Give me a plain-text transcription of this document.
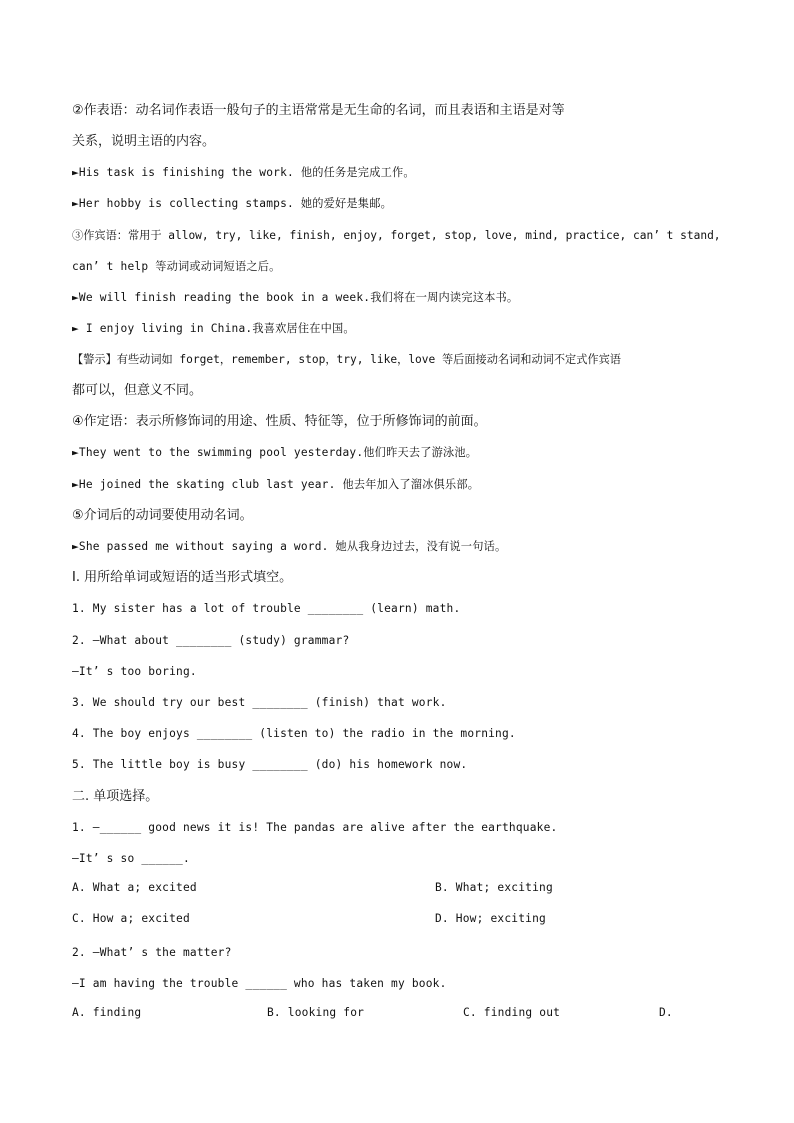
②作表语：动名词作表语一般句子的主语常常是无生命的名词，而且表语和主语是对等
关系，说明主语的内容。
►His task is finishing the work. 他的任务是完成工作。
►Her hobby is collecting stamps. 她的爱好是集邮。
③作宾语：常用于 allow, try, like, finish, enjoy, forget, stop, love, mind, practice, can’ t stand,
can’ t help 等动词或动词短语之后。
►We will finish reading the book in a week.我们将在一周内读完这本书。
► I enjoy living in China.我喜欢居住在中国。
【警示】有些动词如 forget，remember, stop，try, like，love 等后面接动名词和动词不定式作宾语
都可以，但意义不同。
④作定语：表示所修饰词的用途、性质、特征等，位于所修饰词的前面。
►They went to the swimming pool yesterday.他们昨天去了游泳池。
►He joined the skating club last year. 他去年加入了溜冰俱乐部。
⑤介词后的动词要使用动名词。
►She passed me without saying a word. 她从我身边过去，没有说一句话。
I. 用所给单词或短语的适当形式填空。
1. My sister has a lot of trouble ________ (learn) math.
2. —What about ________ (study) grammar?
—It’ s too boring.
3. We should try our best ________ (finish) that work.
4. The boy enjoys ________ (listen to) the radio in the morning.
5. The little boy is busy ________ (do) his homework now.
二. 单项选择。
1. —______ good news it is! The pandas are alive after the earthquake.
—It’ s so ______.
A. What a; excited	B. What; exciting
C. How a; excited	D. How; exciting
2. —What’ s the matter?
—I am having the trouble ______ who has taken my book.
A. finding	B. looking for	C. finding out	D.
